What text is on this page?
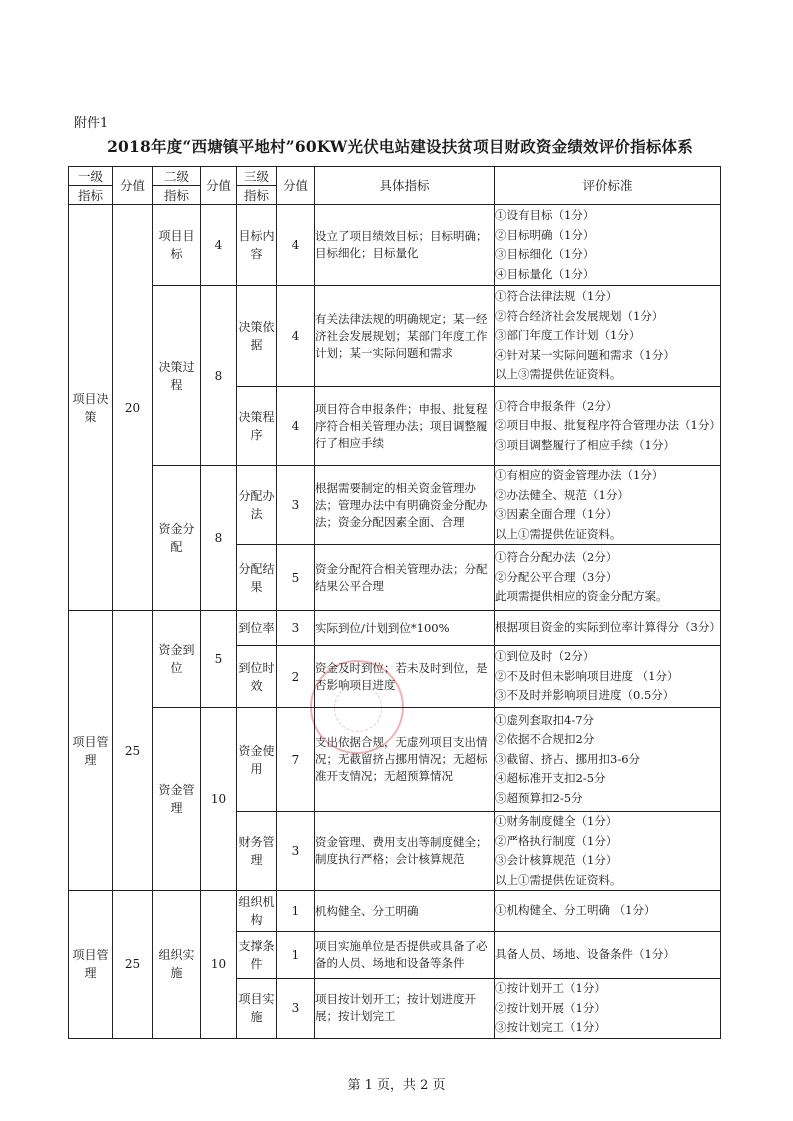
附件1
2018年度“西塘镇平地村”60KW光伏电站建设扶贫项目财政资金绩效评价指标体系
一级	分值	二级	分值	三级	分值	具体指标	评价标准
指标		指标		指标			
项目决策	20	项目目标	4	目标内容	4	设立了项目绩效目标；目标明确；目标细化；目标量化	①设有目标（1分）
②目标明确（1分）
③目标细化（1分）
④目标量化（1分）

		决策过程	8	决策依据	4	有关法律法规的明确规定；某一经济社会发展规划；某部门年度工作计划；某一实际问题和需求	①符合法律法规（1分）
②符合经济社会发展规划（1分）
③部门年度工作计划（1分）
④针对某一实际问题和需求（1分）
以上③需提供佐证资料。

				决策程序	4	项目符合申报条件；申报、批复程序符合相关管理办法；项目调整履行了相应手续	①符合申报条件（2分）
②项目申报、批复程序符合管理办法（1分）
③项目调整履行了相应手续（1分）

		资金分配	8	分配办法	3	根据需要制定的相关资金管理办法；管理办法中有明确资金分配办法；资金分配因素全面、合理	①有相应的资金管理办法（1分）
②办法健全、规范（1分）
③因素全面合理（1分）
以上①需提供佐证资料。

				分配结果	5	资金分配符合相关管理办法；分配结果公平合理	①符合分配办法（2分）
②分配公平合理（3分）
此项需提供相应的资金分配方案。

项目管理	25	资金到位	5	到位率	3	实际到位/计划到位*100%	根据项目资金的实际到位率计算得分（3分）

				到位时效	2	资金及时到位；若未及时到位，是否影响项目进度	①到位及时（2分）
②不及时但未影响项目进度 （1分）
③不及时并影响项目进度（0.5分）

		资金管理	10	资金使用	7	支出依据合规，无虚列项目支出情况；无截留挤占挪用情况；无超标准开支情况；无超预算情况	①虚列套取扣4-7分
②依据不合规扣2分
③截留、挤占、挪用扣3-6分
④超标准开支扣2-5分
⑤超预算扣2-5分

				财务管理	3	资金管理、费用支出等制度健全；制度执行严格；会计核算规范	①财务制度健全（1分）
②严格执行制度（1分）
③会计核算规范（1分）
以上①需提供佐证资料。

项目管理	25	组织实施	10	组织机构	1	机构健全、分工明确	①机构健全、分工明确 （1分）

				支撑条件	1	项目实施单位是否提供或具备了必备的人员、场地和设备等条件	具备人员、场地、设备条件（1分）

				项目实施	3	项目按计划开工；按计划进度开展；按计划完工	①按计划开工（1分）
②按计划开展（1分）
③按计划完工（1分）
第 1 页，共 2 页
